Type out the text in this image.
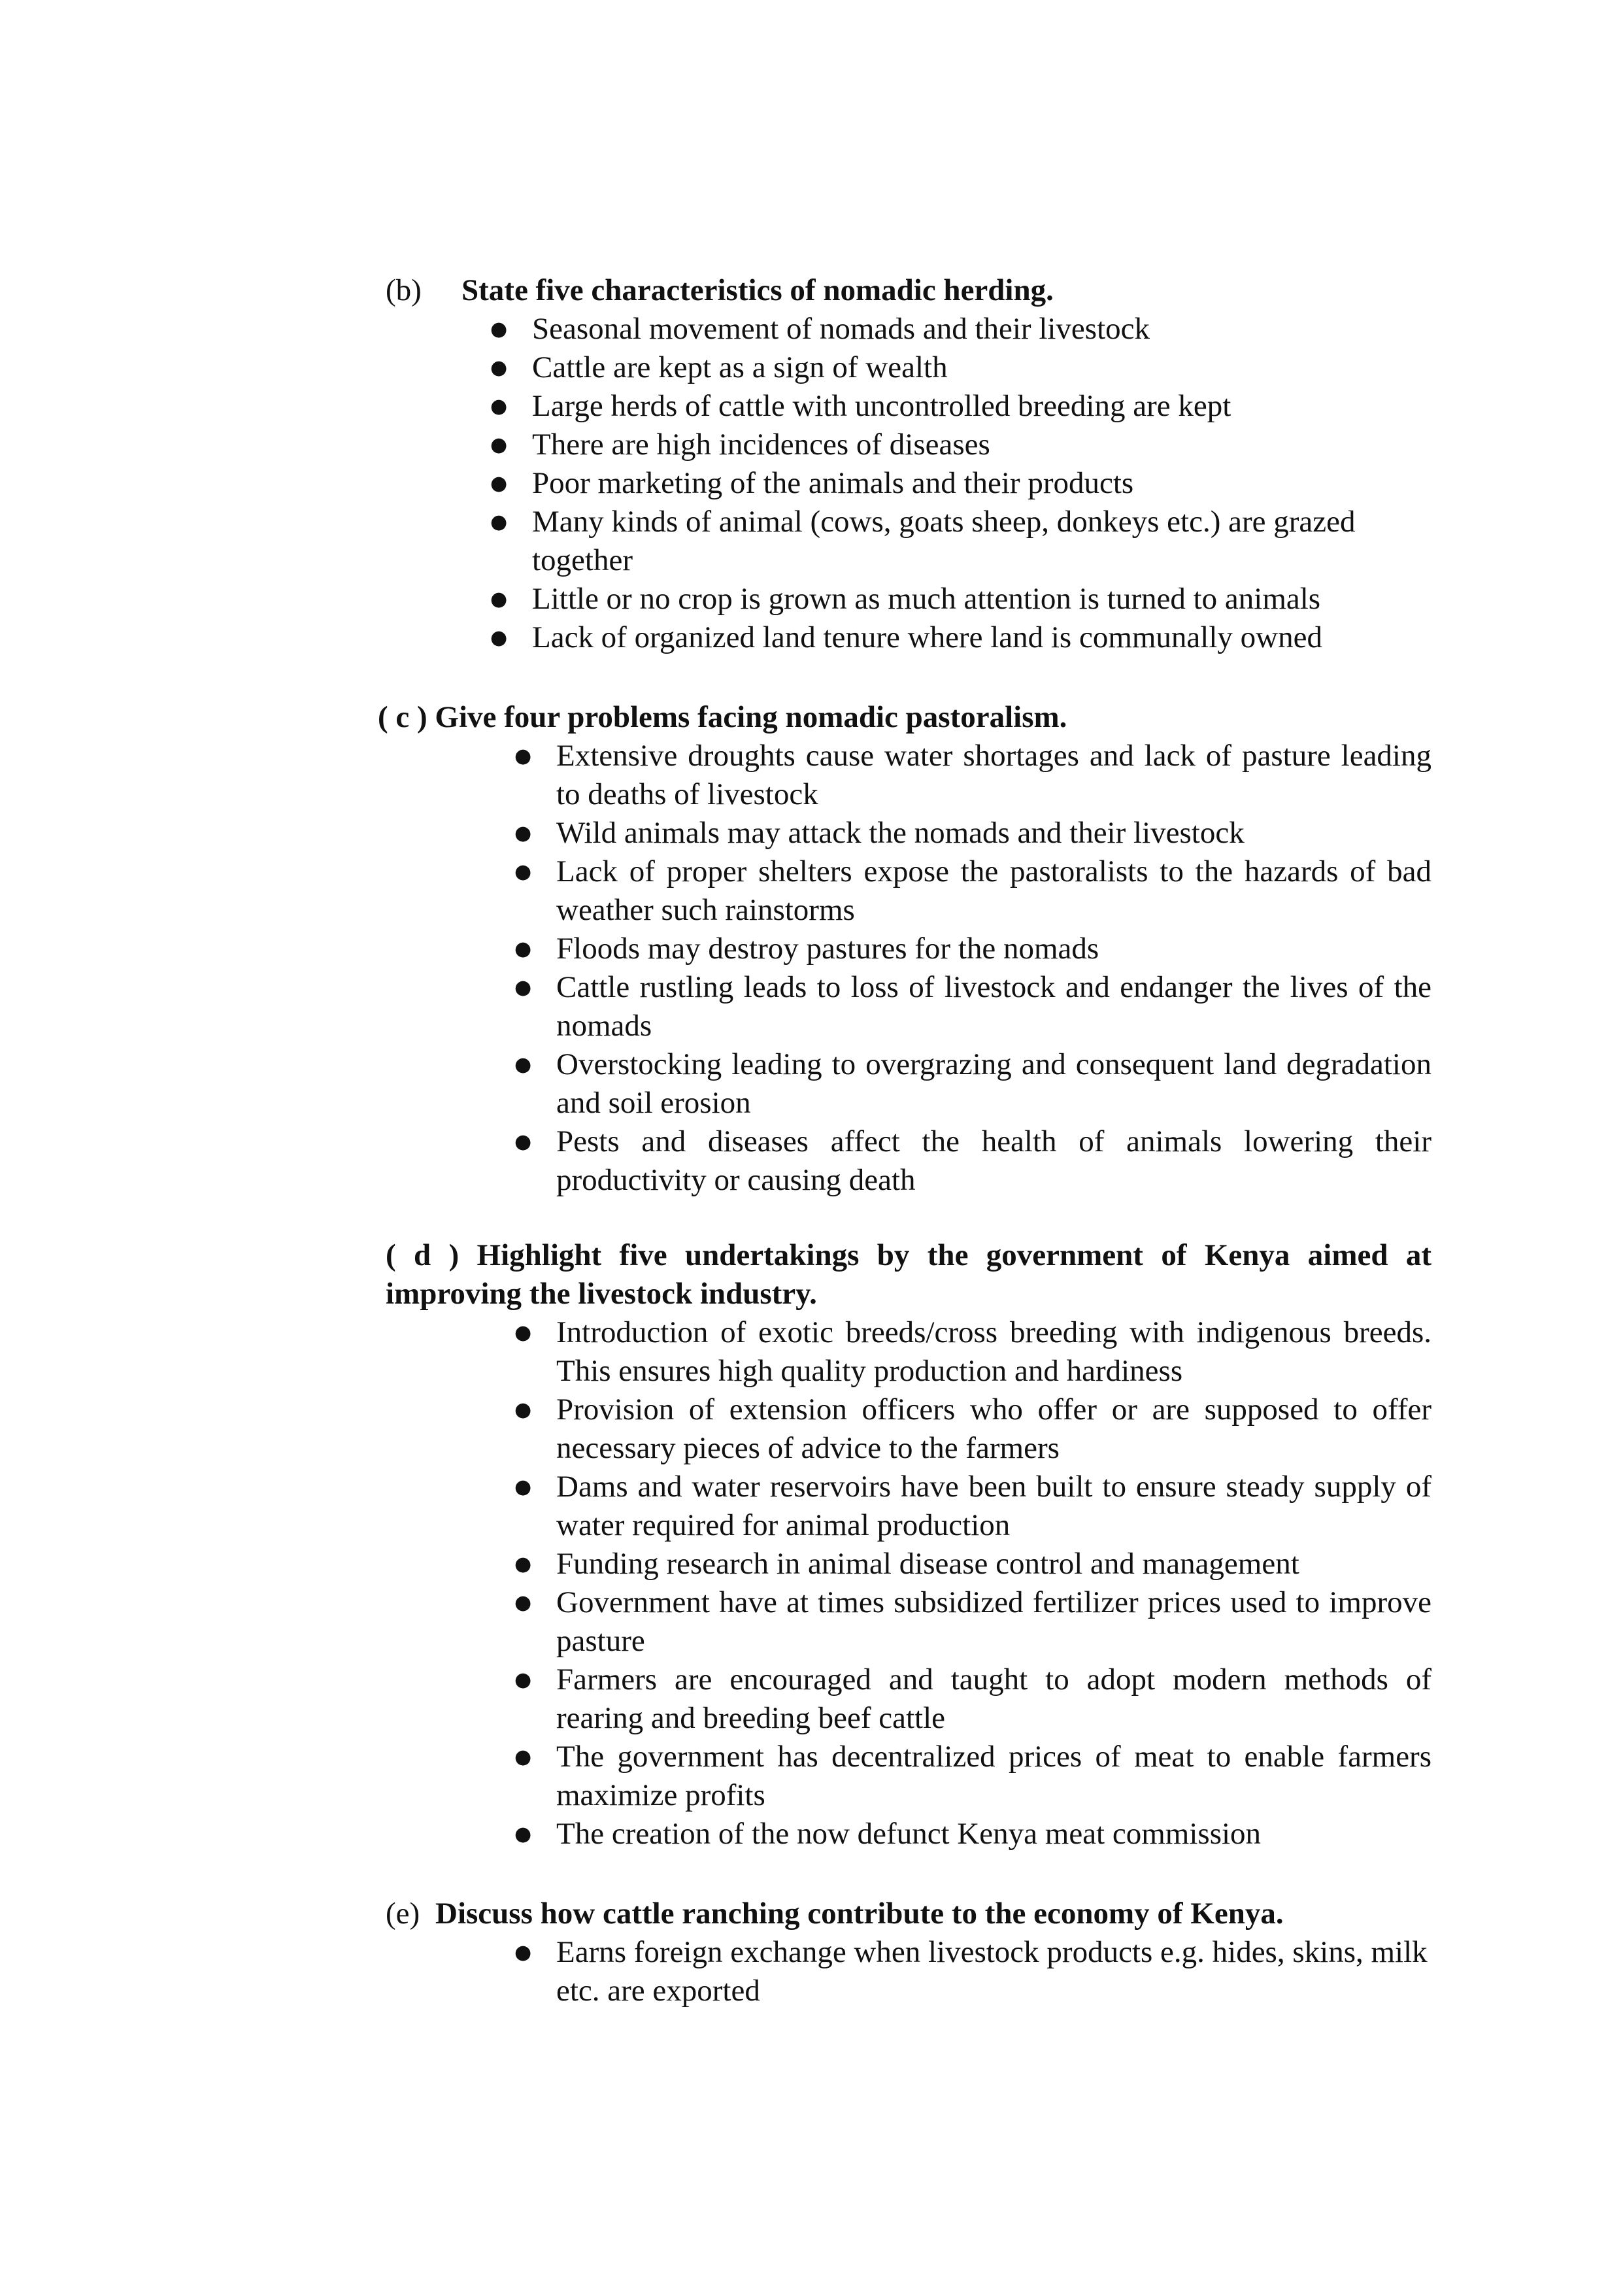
(b)	State five characteristics of nomadic herding.
● Seasonal movement of nomads and their livestock
● Cattle are kept as a sign of wealth
● Large herds of cattle with uncontrolled breeding are kept
● There are high incidences of diseases
● Poor marketing of the animals and their products
● Many kinds of animal (cows, goats sheep, donkeys etc.) are grazed together
● Little or no crop is grown as much attention is turned to animals
● Lack of organized land tenure where land is communally owned
( c ) Give four problems facing nomadic pastoralism.
● Extensive droughts cause water shortages and lack of pasture leading to deaths of livestock
● Wild animals may attack the nomads and their livestock
● Lack of proper shelters expose the pastoralists to the hazards of bad weather such rainstorms
● Floods may destroy pastures for the nomads
● Cattle rustling leads to loss of livestock and endanger the lives of the nomads
● Overstocking leading to overgrazing and consequent land degradation and soil erosion
● Pests and diseases affect the health of animals lowering their productivity or causing death
( d ) Highlight five undertakings by the government of Kenya aimed at improving the livestock industry.
● Introduction of exotic breeds/cross breeding with indigenous breeds. This ensures high quality production and hardiness
● Provision of extension officers who offer or are supposed to offer necessary pieces of advice to the farmers
● Dams and water reservoirs have been built to ensure steady supply of water required for animal production
● Funding research in animal disease control and management
● Government have at times subsidized fertilizer prices used to improve pasture
● Farmers are encouraged and taught to adopt modern methods of rearing and breeding beef cattle
● The government has decentralized prices of meat to enable farmers maximize profits
● The creation of the now defunct Kenya meat commission
(e) Discuss how cattle ranching contribute to the economy of Kenya.
● Earns foreign exchange when livestock products e.g. hides, skins, milk etc. are exported
